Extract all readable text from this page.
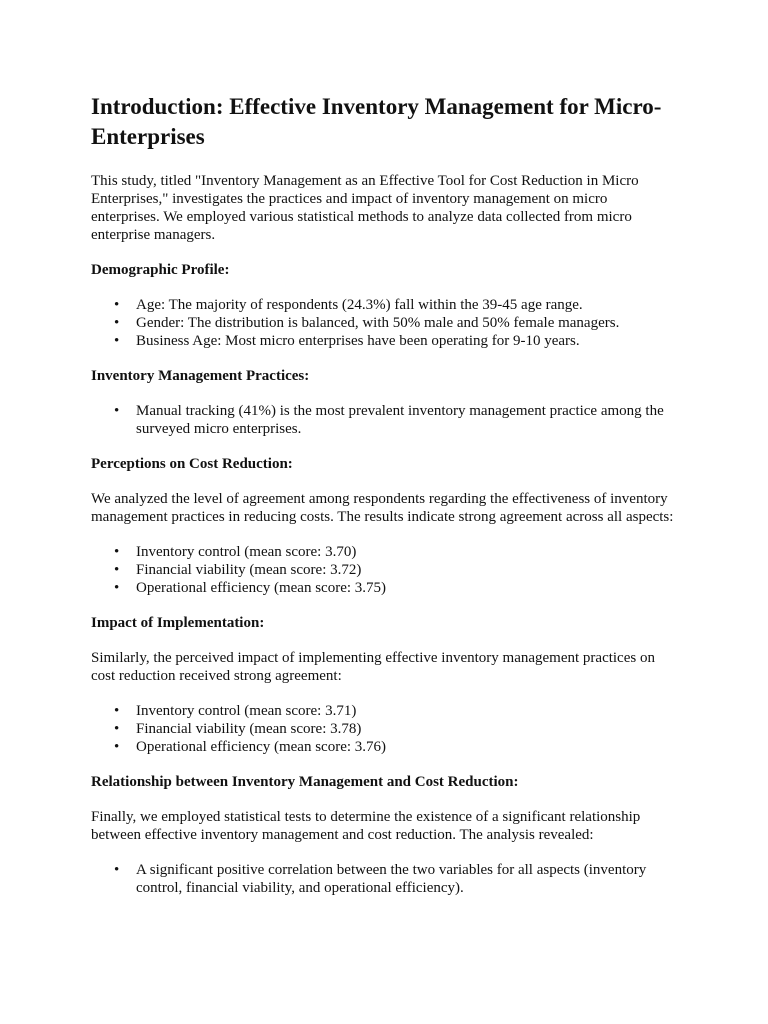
Introduction: Effective Inventory Management for Micro-Enterprises

This study, titled "Inventory Management as an Effective Tool for Cost Reduction in Micro Enterprises," investigates the practices and impact of inventory management on micro enterprises. We employed various statistical methods to analyze data collected from micro enterprise managers.

Demographic Profile:
• Age: The majority of respondents (24.3%) fall within the 39-45 age range.
• Gender: The distribution is balanced, with 50% male and 50% female managers.
• Business Age: Most micro enterprises have been operating for 9-10 years.
Inventory Management Practices:
• Manual tracking (41%) is the most prevalent inventory management practice among the surveyed micro enterprises.
Perceptions on Cost Reduction:

We analyzed the level of agreement among respondents regarding the effectiveness of inventory management practices in reducing costs. The results indicate strong agreement across all aspects:

• Inventory control (mean score: 3.70)
• Financial viability (mean score: 3.72)
• Operational efficiency (mean score: 3.75)
Impact of Implementation:

Similarly, the perceived impact of implementing effective inventory management practices on cost reduction received strong agreement:

• Inventory control (mean score: 3.71)
• Financial viability (mean score: 3.78)
• Operational efficiency (mean score: 3.76)
Relationship between Inventory Management and Cost Reduction:

Finally, we employed statistical tests to determine the existence of a significant relationship between effective inventory management and cost reduction. The analysis revealed:

• A significant positive correlation between the two variables for all aspects (inventory control, financial viability, and operational efficiency).
